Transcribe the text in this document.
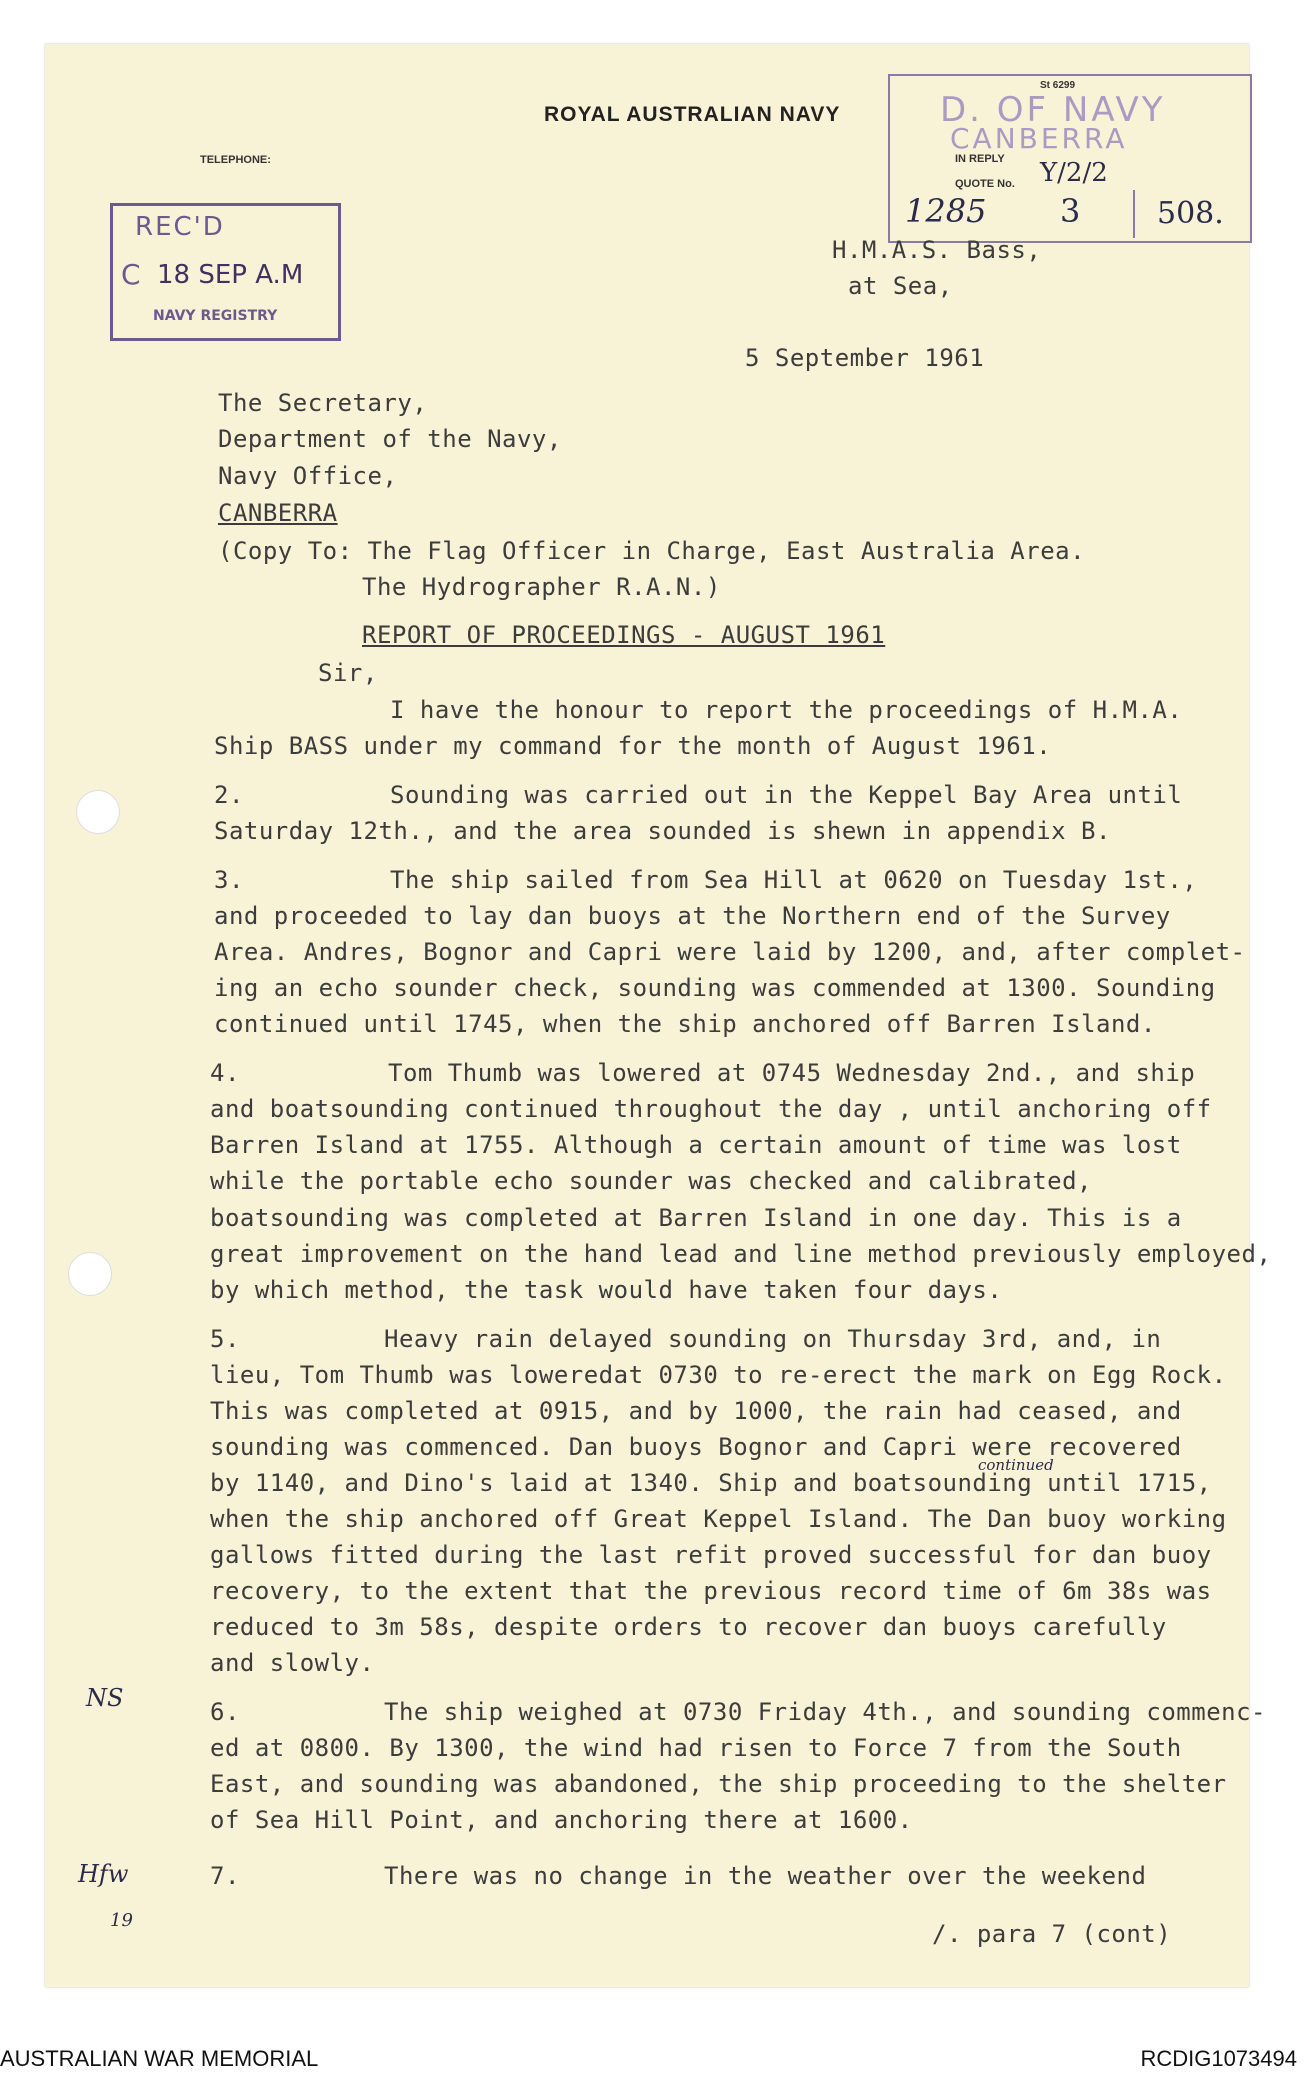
ROYAL AUSTRALIAN NAVY
TELEPHONE:
St 6299
D. OF NAVY
CANBERRA
IN REPLY
QUOTE No. Y/2/2
1285 3	508.
REC'D
C 18 SEP A.M
NAVY REGISTRY
H.M.A.S. Bass,
at Sea,
5 September 1961
The Secretary,
Department of the Navy,
Navy Office,
CANBERRA
(Copy To: The Flag Officer in Charge, East Australia Area.
The Hydrographer R.A.N.)
REPORT OF PROCEEDINGS - AUGUST 1961
Sir,
I have the honour to report the proceedings of H.M.A.
Ship BASS under my command for the month of August 1961.
2.	Sounding was carried out in the Keppel Bay Area until
Saturday 12th., and the area sounded is shewn in appendix B.
3.	The ship sailed from Sea Hill at 0620 on Tuesday 1st.,
and proceeded to lay dan buoys at the Northern end of the Survey
Area. Andres, Bognor and Capri were laid by 1200, and, after complet-
ing an echo sounder check, sounding was commended at 1300. Sounding
continued until 1745, when the ship anchored off Barren Island.
4.	Tom Thumb was lowered at 0745 Wednesday 2nd., and ship
and boatsounding continued throughout the day , until anchoring off
Barren Island at 1755. Although a certain amount of time was lost
while the portable echo sounder was checked and calibrated,
boatsounding was completed at Barren Island in one day. This is a
great improvement on the hand lead and line method previously employed,
by which method, the task would have taken four days.
5.	Heavy rain delayed sounding on Thursday 3rd, and, in
lieu, Tom Thumb was loweredat 0730 to re-erect the mark on Egg Rock.
This was completed at 0915, and by 1000, the rain had ceased, and
sounding was commenced. Dan buoys Bognor and Capri were recovered
continued
by 1140, and Dino's laid at 1340. Ship and boatsounding until 1715,
when the ship anchored off Great Keppel Island. The Dan buoy working
gallows fitted during the last refit proved successful for dan buoy
recovery, to the extent that the previous record time of 6m 38s was
reduced to 3m 58s, despite orders to recover dan buoys carefully
and slowly.
6.	The ship weighed at 0730 Friday 4th., and sounding commenc-
ed at 0800. By 1300, the wind had risen to Force 7 from the South
East, and sounding was abandoned, the ship proceeding to the shelter
of Sea Hill Point, and anchoring there at 1600.
7.	There was no change in the weather over the weekend
/. para 7 (cont)
NS
Hfw
19
AUSTRALIAN WAR MEMORIAL	RCDIG1073494
